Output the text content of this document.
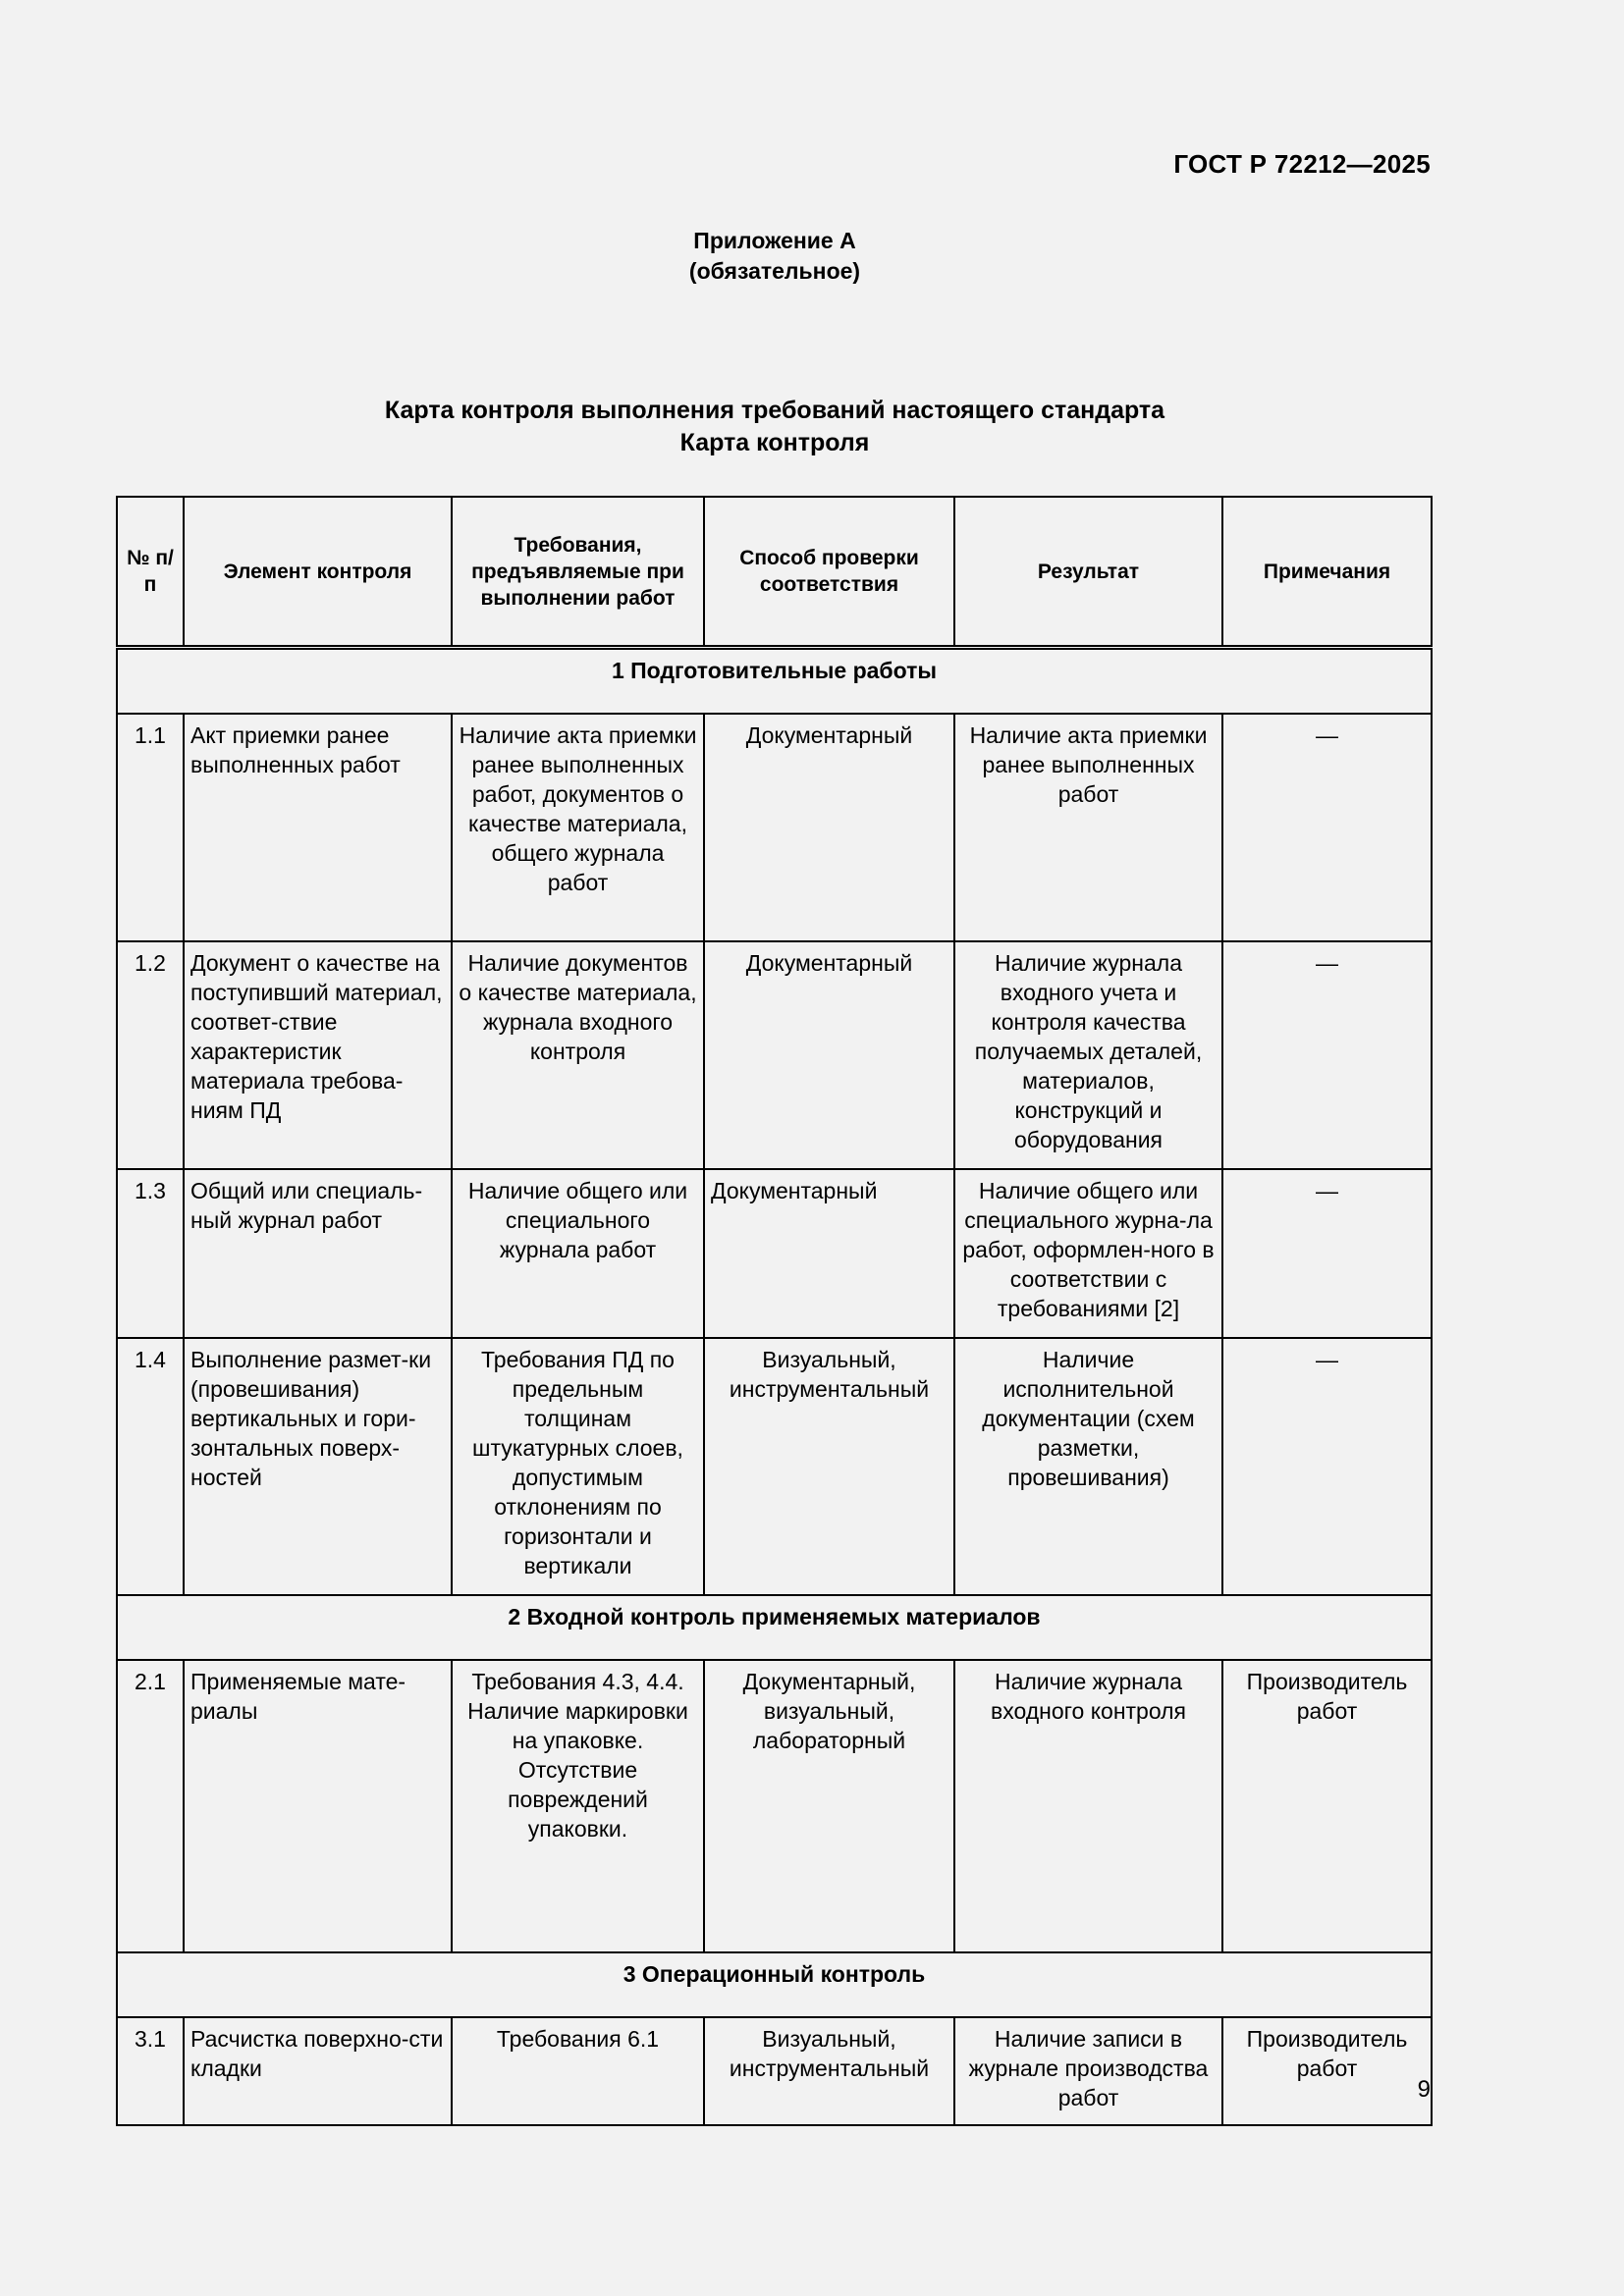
ГОСТ Р 72212—2025
Приложение А
(обязательное)
Карта контроля выполнения требований настоящего стандарта
Карта контроля
№ п/п	Элемент контроля	Требования, предъявляемые при выполнении работ	Способ проверки соответствия	Результат	Примечания
1 Подготовительные работы					
1.1	Акт приемки ранее выполненных работ	Наличие акта приемки ранее выполненных работ, документов о качестве материала, общего журнала работ	Документарный	Наличие акта приемки ранее выполненных работ	—
1.2	Документ о качестве на поступивший материал, соответ-ствие характеристик материала требова-ниям ПД	Наличие документов о качестве материала, журнала входного контроля	Документарный	Наличие журнала входного учета и контроля качества получаемых деталей, материалов, конструкций и оборудования	—
1.3	Общий или специаль-ный журнал работ	Наличие общего или специального журнала работ	Документарный	Наличие общего или специального журна-ла работ, оформлен-ного в соответствии с требованиями [2]	—
1.4	Выполнение размет-ки (провешивания) вертикальных и гори-зонтальных поверх-ностей	Требования ПД по предельным толщинам штукатурных слоев, допустимым отклонениям по горизонтали и вертикали	Визуальный, инструментальный	Наличие исполнительной документации (схем разметки, провешивания)	—
2 Входной контроль применяемых материалов					
2.1	Применяемые мате-риалы	Требования 4.3, 4.4. Наличие маркировки на упаковке. Отсутствие повреждений упаковки.	Документарный, визуальный, лабораторный	Наличие журнала входного контроля	Производитель работ
3 Операционный контроль					
3.1	Расчистка поверхно-сти кладки	Требования 6.1	Визуальный, инструментальный	Наличие записи в журнале производства работ	Производитель работ
9
